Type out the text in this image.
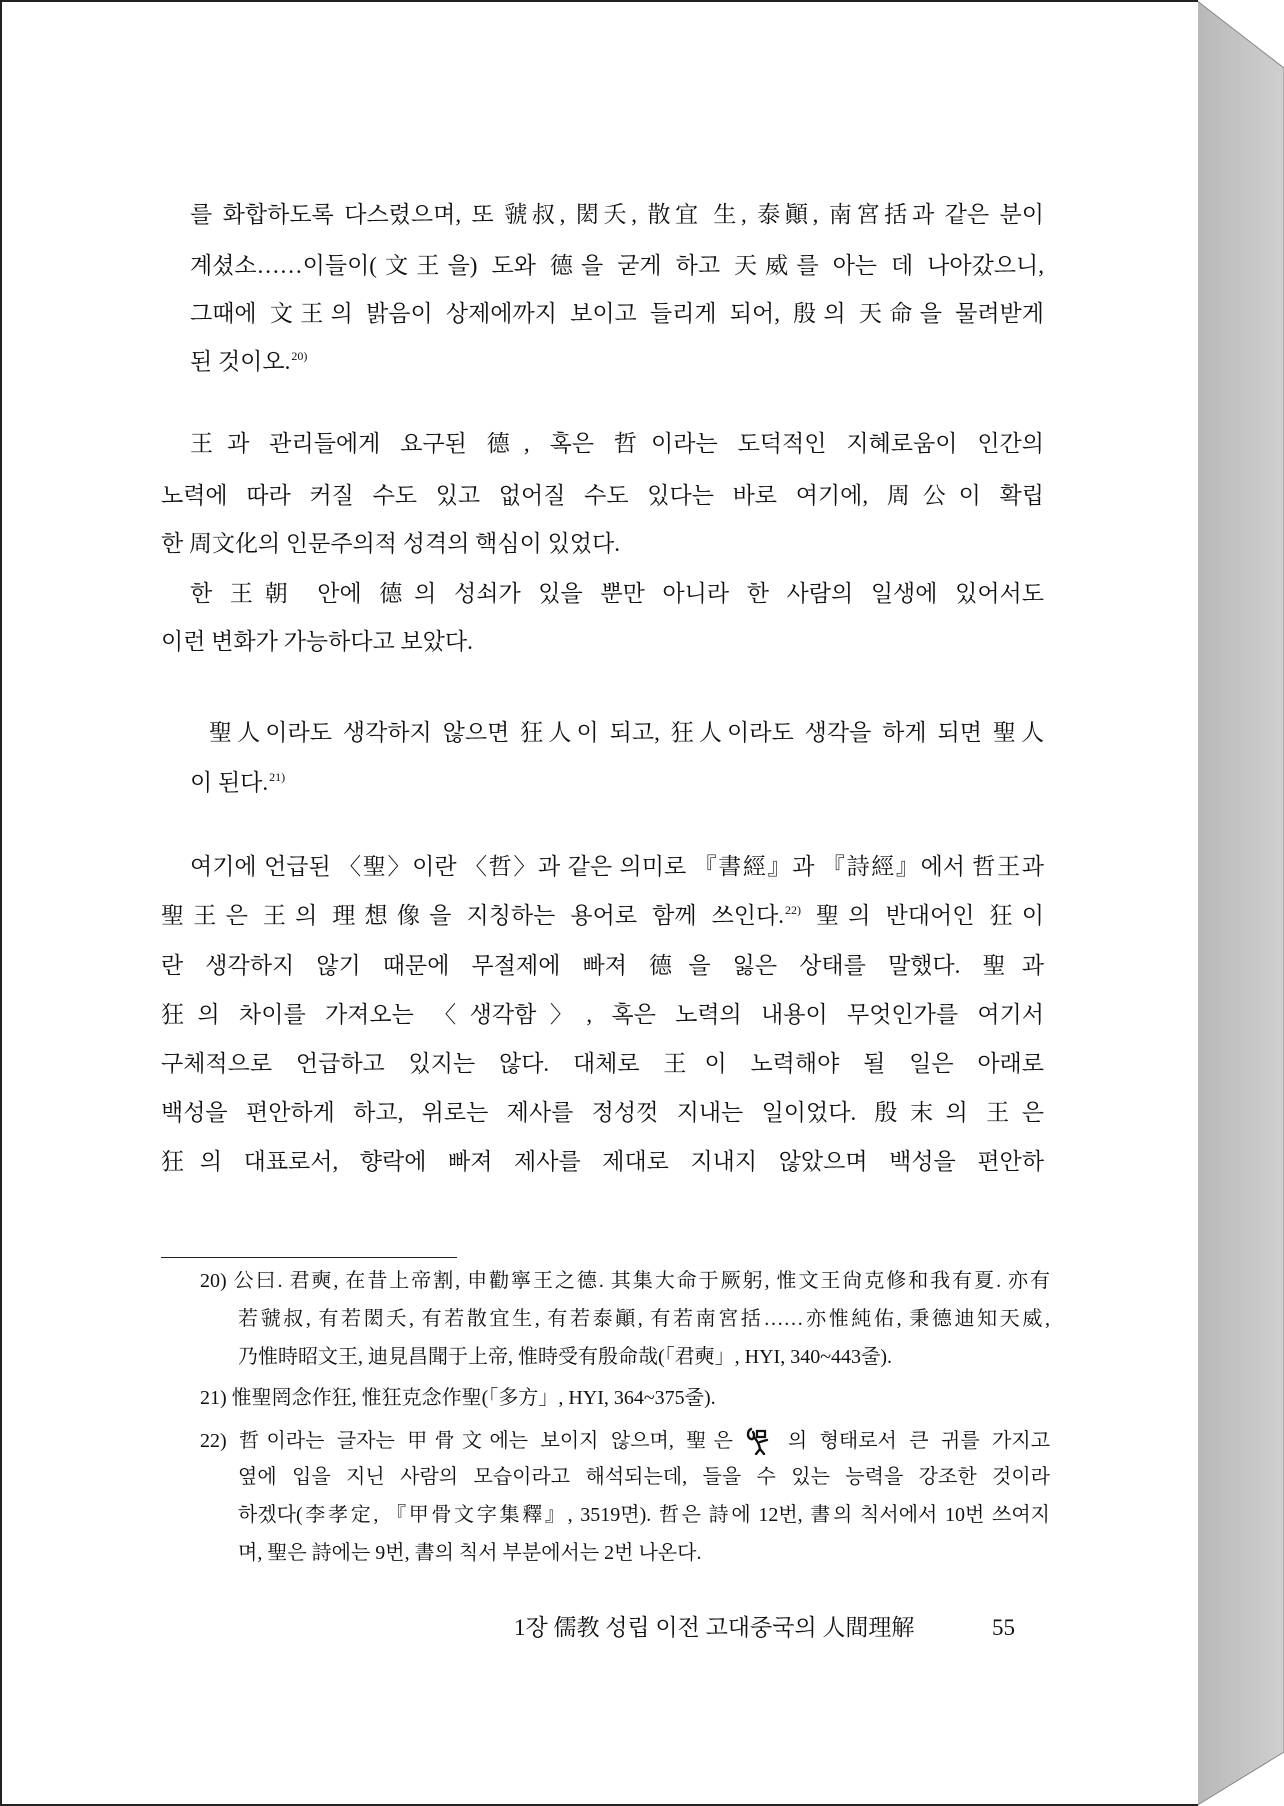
를 화합하도록 다스렸으며, 또 虢叔, 閎夭, 散宜 生, 泰顚, 南宮括과 같은 분이
계셨소……이들이(文王을) 도와 德을 굳게 하고 天威를 아는 데 나아갔으니,
그때에 文王의 밝음이 상제에까지 보이고 들리게 되어, 殷의 天命을 물려받게
된 것이오.$^{20)}$
王과 관리들에게 요구된 德, 혹은 哲이라는 도덕적인 지혜로움이 인간의
노력에 따라 커질 수도 있고 없어질 수도 있다는 바로 여기에, 周公이 확립
한 周文化의 인문주의적 성격의 핵심이 있었다.
한 王朝 안에 德의 성쇠가 있을 뿐만 아니라 한 사람의 일생에 있어서도
이런 변화가 가능하다고 보았다.
聖人이라도 생각하지 않으면 狂人이 되고, 狂人이라도 생각을 하게 되면 聖人
이 된다.$^{21)}$
여기에 언급된 〈聖〉이란 〈哲〉과 같은 의미로 『書經』과 『詩經』에서 哲王과
聖王은 王의 理想像을 지칭하는 용어로 함께 쓰인다.$^{22)}$ 聖의 반대어인 狂이
란 생각하지 않기 때문에 무절제에 빠져 德을 잃은 상태를 말했다. 聖과
狂의 차이를 가져오는 〈생각함〉, 혹은 노력의 내용이 무엇인가를 여기서
구체적으로 언급하고 있지는 않다. 대체로 王이 노력해야 될 일은 아래로
백성을 편안하게 하고, 위로는 제사를 정성껏 지내는 일이었다. 殷末의 王은
狂의 대표로서, 향락에 빠져 제사를 제대로 지내지 않았으며 백성을 편안하
20) 公曰. 君奭, 在昔上帝割, 申勸寧王之德. 其集大命于厥躬, 惟文王尙克修和我有夏. 亦有
若虢叔, 有若閎夭, 有若散宜生, 有若泰顚, 有若南宮括……亦惟純佑, 秉德迪知天威,
乃惟時昭文王, 迪見昌聞于上帝, 惟時受有殷命哉(「君奭」, HYI, 340~443줄).
21) 惟聖罔念作狂, 惟狂克念作聖(「多方」, HYI, 364~375줄).
22) 哲이라는 글자는 甲骨文에는 보이지 않으며, 聖은	의 형태로서 큰 귀를 가지고
옆에 입을 지닌 사람의 모습이라고 해석되는데, 들을 수 있는 능력을 강조한 것이라
하겠다(李孝定, 『甲骨文字集釋』, 3519면). 哲은 詩에 12번, 書의 칙서에서 10번 쓰여지
며, 聖은 詩에는 9번, 書의 칙서 부분에서는 2번 나온다.
1장 儒教 성립 이전 고대중국의 人間理解	55
